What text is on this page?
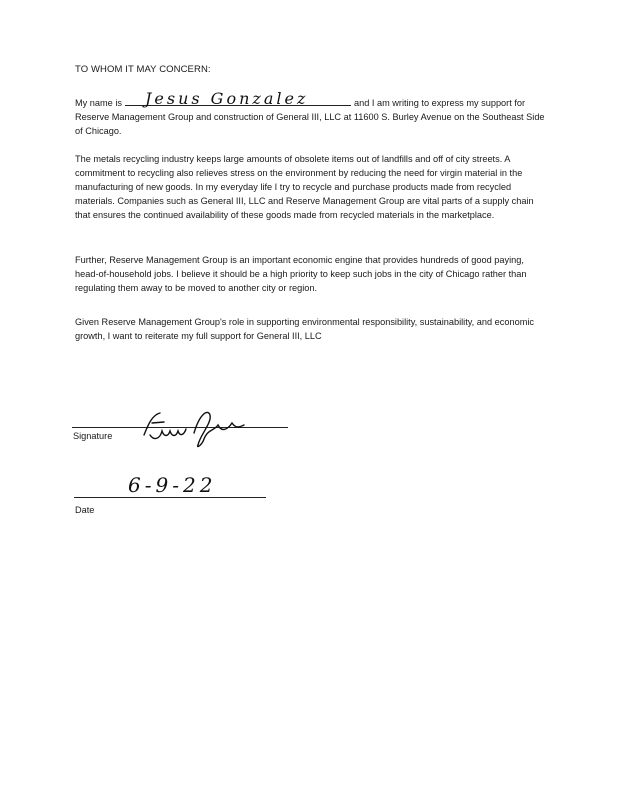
TO WHOM IT MAY CONCERN:

My name is Jesus Gonzalez	and I am writing to express my support for Reserve Management Group and construction of General III, LLC at 11600 S. Burley Avenue on the Southeast Side of Chicago.

The metals recycling industry keeps large amounts of obsolete items out of landfills and off of city streets. A commitment to recycling also relieves stress on the environment by reducing the need for virgin material in the manufacturing of new goods. In my everyday life I try to recycle and purchase products made from recycled materials. Companies such as General III, LLC and Reserve Management Group are vital parts of a supply chain that ensures the continued availability of these goods made from recycled materials in the marketplace.

Further, Reserve Management Group is an important economic engine that provides hundreds of good paying, head-of-household jobs. I believe it should be a high priority to keep such jobs in the city of Chicago rather than regulating them away to be moved to another city or region.

Given Reserve Management Group's role in supporting environmental responsibility, sustainability, and economic growth, I want to reiterate my full support for General III, LLC

Signature
6-9-22
Date
